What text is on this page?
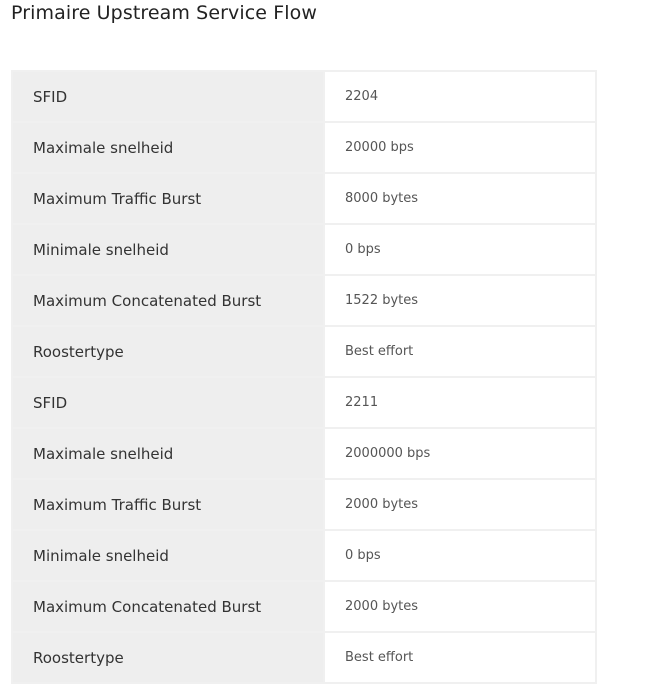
Primaire Upstream Service Flow
SFID	2204
Maximale snelheid	20000 bps
Maximum Traffic Burst	8000 bytes
Minimale snelheid	0 bps
Maximum Concatenated Burst	1522 bytes
Roostertype	Best effort
SFID	2211
Maximale snelheid	2000000 bps
Maximum Traffic Burst	2000 bytes
Minimale snelheid	0 bps
Maximum Concatenated Burst	2000 bytes
Roostertype	Best effort
